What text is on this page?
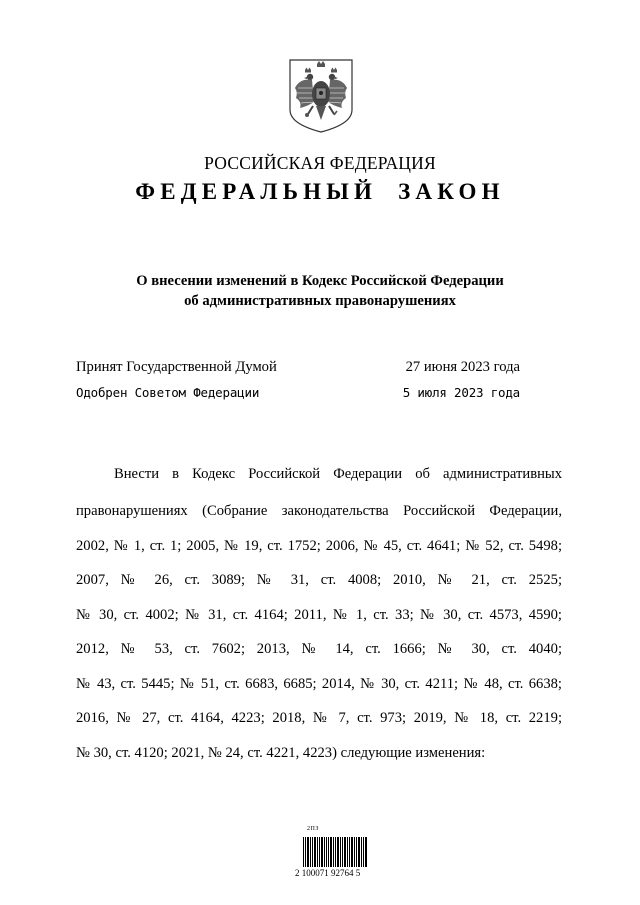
РОССИЙСКАЯ ФЕДЕРАЦИЯ
ФЕДЕРАЛЬНЫЙ ЗАКОН
О внесении изменений в Кодекс Российской Федерации
об административных правонарушениях
Принят Государственной Думой	27 июня 2023 года
Одобрен Советом Федерации	5 июля 2023 года
Внести в Кодекс Российской Федерации об административных
правонарушениях (Собрание законодательства Российской Федерации,
2002, № 1, ст. 1; 2005, № 19, ст. 1752; 2006, № 45, ст. 4641; № 52, ст. 5498;
2007, № 26, ст. 3089; № 31, ст. 4008; 2010, № 21, ст. 2525;
№ 30, ст. 4002; № 31, ст. 4164; 2011, № 1, ст. 33; № 30, ст. 4573, 4590;
2012, № 53, ст. 7602; 2013, № 14, ст. 1666; № 30, ст. 4040;
№ 43, ст. 5445; № 51, ст. 6683, 6685; 2014, № 30, ст. 4211; № 48, ст. 6638;
2016, № 27, ст. 4164, 4223; 2018, № 7, ст. 973; 2019, № 18, ст. 2219;
№ 30, ст. 4120; 2021, № 24, ст. 4221, 4223) следующие изменения:
2ПЗ
2 100071 92764 5
